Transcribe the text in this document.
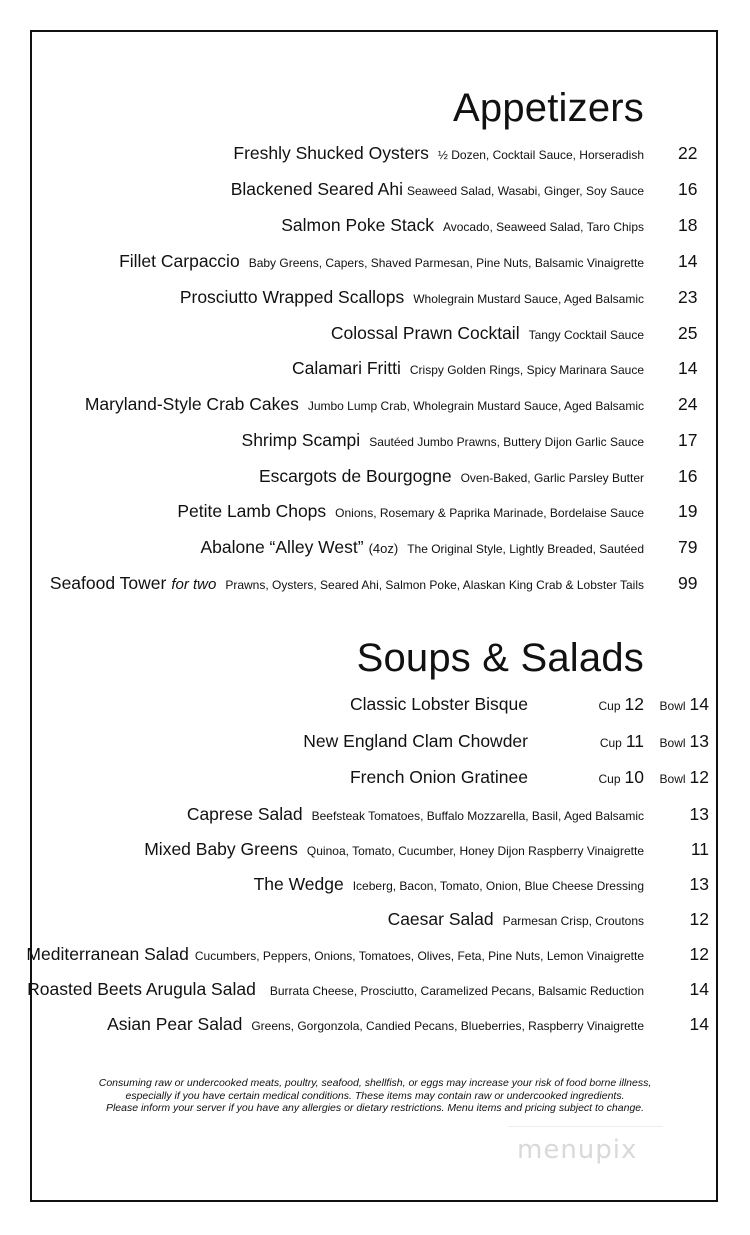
Appetizers
Freshly Shucked Oysters ½ Dozen, Cocktail Sauce, Horseradish 22
Blackened Seared Ahi Seaweed Salad, Wasabi, Ginger, Soy Sauce 16
Salmon Poke Stack Avocado, Seaweed Salad, Taro Chips 18
Fillet Carpaccio Baby Greens, Capers, Shaved Parmesan, Pine Nuts, Balsamic Vinaigrette 14
Prosciutto Wrapped Scallops Wholegrain Mustard Sauce, Aged Balsamic 23
Colossal Prawn Cocktail Tangy Cocktail Sauce 25
Calamari Fritti Crispy Golden Rings, Spicy Marinara Sauce 14
Maryland-Style Crab Cakes Jumbo Lump Crab, Wholegrain Mustard Sauce, Aged Balsamic 24
Shrimp Scampi Sautéed Jumbo Prawns, Buttery Dijon Garlic Sauce 17
Escargots de Bourgogne Oven-Baked, Garlic Parsley Butter 16
Petite Lamb Chops Onions, Rosemary & Paprika Marinade, Bordelaise Sauce 19
Abalone “Alley West” (4oz) The Original Style, Lightly Breaded, Sautéed 79
Seafood Tower for two Prawns, Oysters, Seared Ahi, Salmon Poke, Alaskan King Crab & Lobster Tails 99
Soups & Salads
Classic Lobster Bisque	Cup 12 Bowl 14
New England Clam Chowder	Cup 11 Bowl 13
French Onion Gratinee	Cup 10 Bowl 12
Caprese Salad Beefsteak Tomatoes, Buffalo Mozzarella, Basil, Aged Balsamic	13
Mixed Baby Greens Quinoa, Tomato, Cucumber, Honey Dijon Raspberry Vinaigrette	11
The Wedge Iceberg, Bacon, Tomato, Onion, Blue Cheese Dressing	13
Caesar Salad Parmesan Crisp, Croutons	12
Mediterranean Salad Cucumbers, Peppers, Onions, Tomatoes, Olives, Feta, Pine Nuts, Lemon Vinaigrette	12
Roasted Beets Arugula Salad Burrata Cheese, Prosciutto, Caramelized Pecans, Balsamic Reduction	14
Asian Pear Salad Greens, Gorgonzola, Candied Pecans, Blueberries, Raspberry Vinaigrette	14
Consuming raw or undercooked meats, poultry, seafood, shellfish, or eggs may increase your risk of food borne illness,
especially if you have certain medical conditions. These items may contain raw or undercooked ingredients.
Please inform your server if you have any allergies or dietary restrictions. Menu items and pricing subject to change.
menupix
